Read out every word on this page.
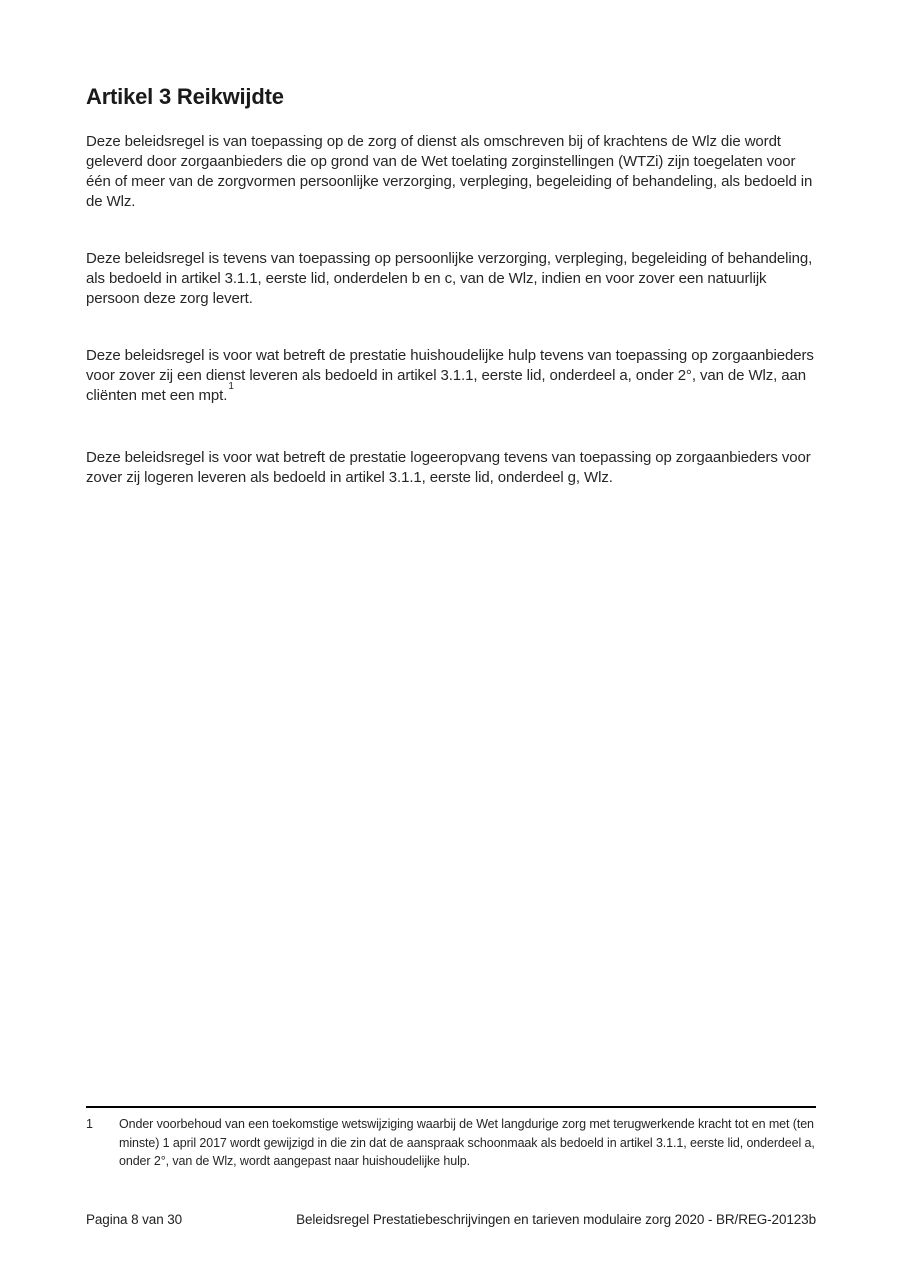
Artikel 3 Reikwijdte

Deze beleidsregel is van toepassing op de zorg of dienst als omschreven bij of krachtens de Wlz die wordt geleverd door zorgaanbieders die op grond van de Wet toelating zorginstellingen (WTZi) zijn toegelaten voor één of meer van de zorgvormen persoonlijke verzorging, verpleging, begeleiding of behandeling, als bedoeld in de Wlz.

Deze beleidsregel is tevens van toepassing op persoonlijke verzorging, verpleging, begeleiding of behandeling, als bedoeld in artikel 3.1.1, eerste lid, onderdelen b en c, van de Wlz, indien en voor zover een natuurlijk persoon deze zorg levert.

Deze beleidsregel is voor wat betreft de prestatie huishoudelijke hulp tevens van toepassing op zorgaanbieders voor zover zij een dienst leveren als bedoeld in artikel 3.1.1, eerste lid, onderdeel a, onder 2°, van de Wlz, aan cliënten met een mpt.$^1$

Deze beleidsregel is voor wat betreft de prestatie logeeropvang tevens van toepassing op zorgaanbieders voor zover zij logeren leveren als bedoeld in artikel 3.1.1, eerste lid, onderdeel g, Wlz.

1	Onder voorbehoud van een toekomstige wetswijziging waarbij de Wet langdurige zorg met terugwerkende kracht tot en met (ten minste) 1 april 2017 wordt gewijzigd in die zin dat de aanspraak schoonmaak als bedoeld in artikel 3.1.1, eerste lid, onderdeel a, onder 2°, van de Wlz, wordt aangepast naar huishoudelijke hulp.
Pagina 8 van 30	Beleidsregel Prestatiebeschrijvingen en tarieven modulaire zorg 2020 - BR/REG-20123b
